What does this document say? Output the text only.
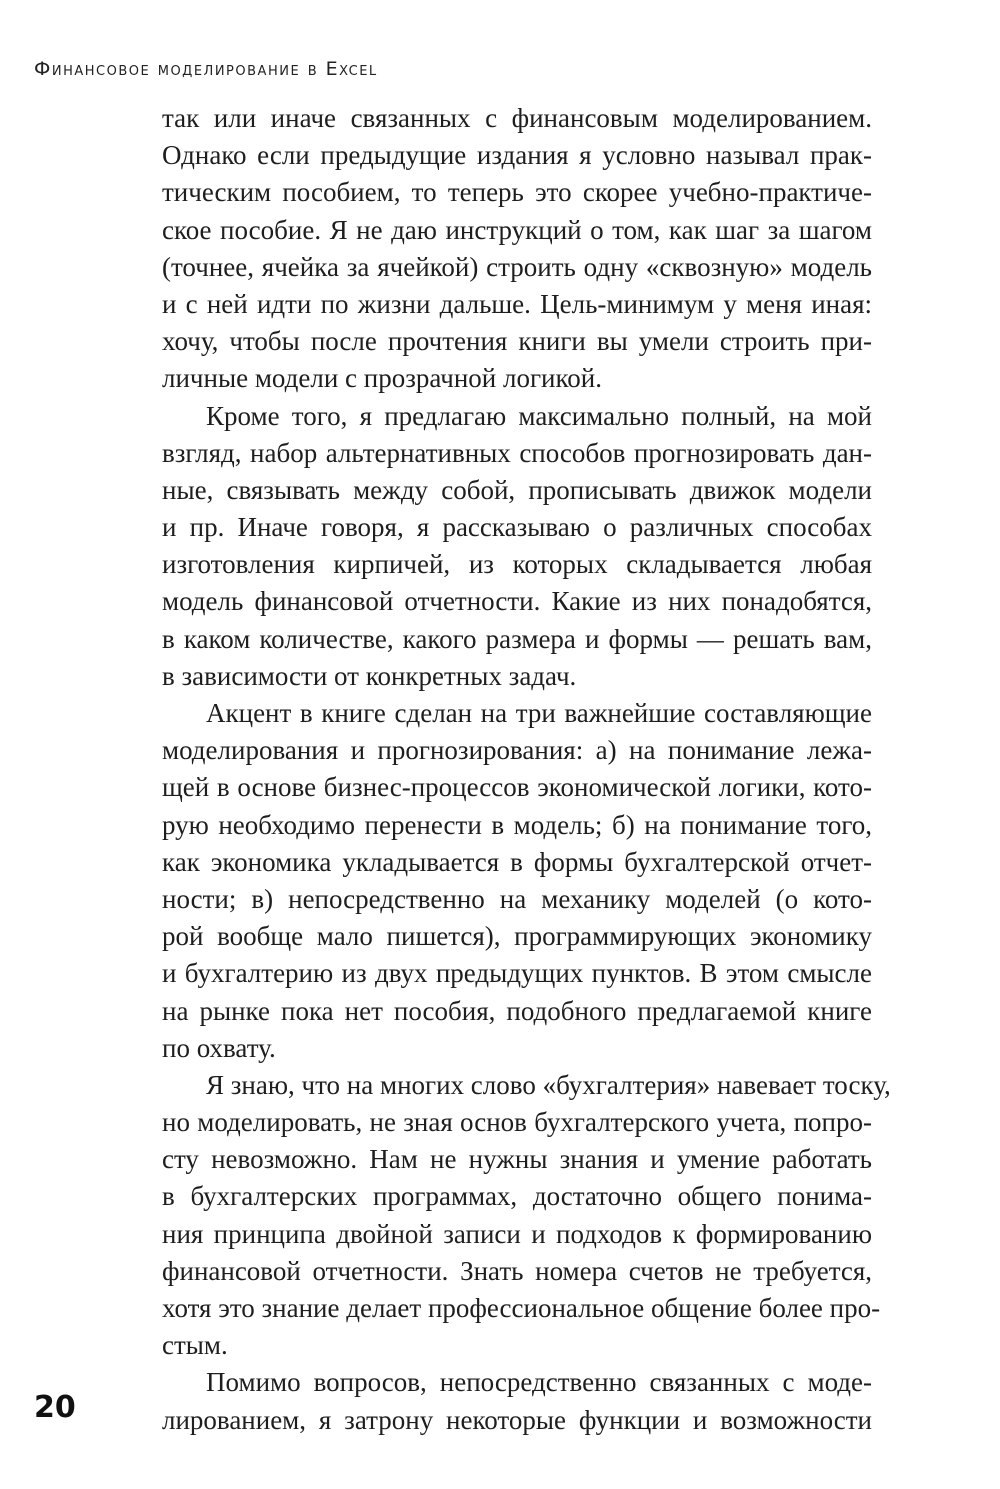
Финансовое моделирование в Excel
так или иначе связанных с финансовым моделированием.
Однако если предыдущие издания я условно называл прак-
тическим пособием, то теперь это скорее учебно-практиче-
ское пособие. Я не даю инструкций о том, как шаг за шагом
(точнее, ячейка за ячейкой) строить одну «сквозную» модель
и с ней идти по жизни дальше. Цель-минимум у меня иная:
хочу, чтобы после прочтения книги вы умели строить при-
личные модели с прозрачной логикой.
Кроме того, я предлагаю максимально полный, на мой
взгляд, набор альтернативных способов прогнозировать дан-
ные, связывать между собой, прописывать движок модели
и пр. Иначе говоря, я рассказываю о различных способах
изготовления кирпичей, из которых складывается любая
модель финансовой отчетности. Какие из них понадобятся,
в каком количестве, какого размера и формы — решать вам,
в зависимости от конкретных задач.
Акцент в книге сделан на три важнейшие составляющие
моделирования и прогнозирования: а) на понимание лежа-
щей в основе бизнес-процессов экономической логики, кото-
рую необходимо перенести в модель; б) на понимание того,
как экономика укладывается в формы бухгалтерской отчет-
ности; в) непосредственно на механику моделей (о кото-
рой вообще мало пишется), программирующих экономику
и бухгалтерию из двух предыдущих пунктов. В этом смысле
на рынке пока нет пособия, подобного предлагаемой книге
по охвату.
Я знаю, что на многих слово «бухгалтерия» навевает тоску,
но моделировать, не зная основ бухгалтерского учета, попро-
сту невозможно. Нам не нужны знания и умение работать
в бухгалтерских программах, достаточно общего понима-
ния принципа двойной записи и подходов к формированию
финансовой отчетности. Знать номера счетов не требуется,
хотя это знание делает профессиональное общение более про-
стым.
Помимо вопросов, непосредственно связанных с моде-
лированием, я затрону некоторые функции и возможности
20
